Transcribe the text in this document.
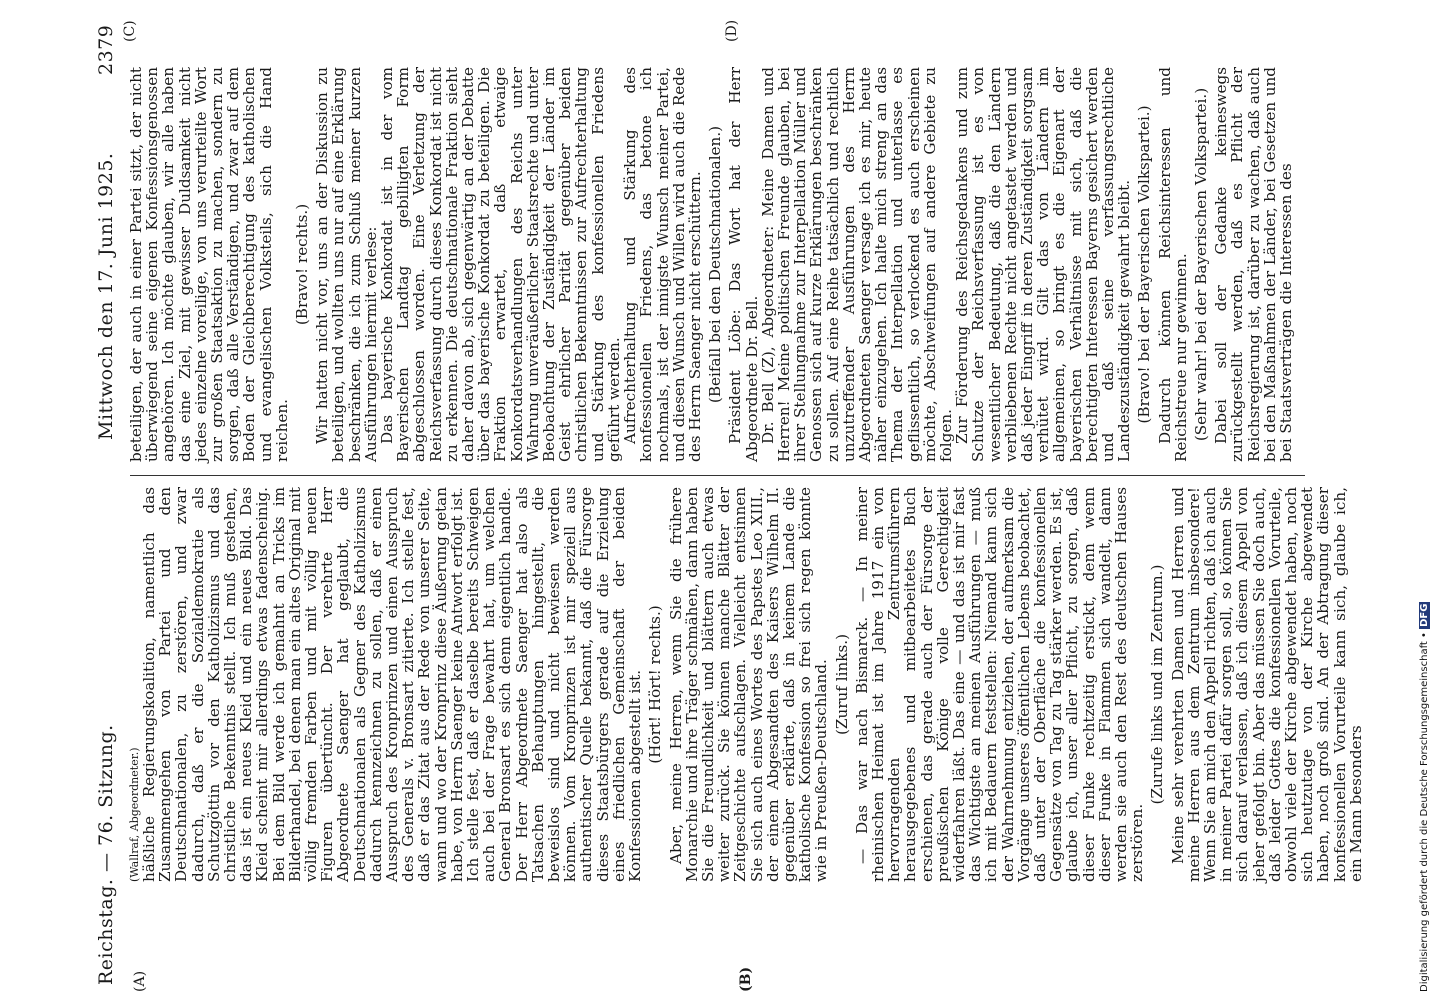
Reichstag. — 76. Sitzung.
Mittwoch den 17. Juni 1925.
2379
(A)	(B)
(C)	(D)

(Wallraf, Abgeordneter.) häßliche Regierungskoalition, namentlich das Zusammengehen von Partei und den Deutschnationalen, zu zerstören, und zwar dadurch, daß er die Sozialdemokratie als Schutzgöttin vor den Katholizismus und das christliche Bekenntnis stellt. Ich muß gestehen, das ist ein neues Kleid und ein neues Bild. Das Kleid scheint mir allerdings etwas fadenscheinig. Bei dem Bild werde ich gemahnt an Tricks im Bilderhandel, bei denen man ein altes Original mit völlig fremden Farben und mit völlig neuen Figuren übertüncht. Der verehrte Herr Abgeordnete Saenger hat geglaubt, die Deutschnationalen als Gegner des Katholizismus dadurch kennzeichnen zu sollen, daß er einen Ausspruch des Kronprinzen und einen Ausspruch des Generals v. Bronsart zitierte. Ich stelle fest, daß er das Zitat aus der Rede von unserer Seite, wann und wo der Kronprinz diese Äußerung getan habe, von Herrn Saenger keine Antwort erfolgt ist. Ich stelle fest, daß er daselbe bereits Schweigen auch bei der Frage bewahrt hat, um welchen General Bronsart es sich denn eigentlich handle. Der Herr Abgeordnete Saenger hat also als Tatsachen Behauptungen hingestellt, die beweislos sind und nicht bewiesen werden können. Vom Kronprinzen ist mir speziell aus authentischer Quelle bekannt, daß die Fürsorge dieses Staatsbürgers gerade auf die Erzielung eines friedlichen Gemeinschaft der beiden Konfessionen abgestellt ist. (Hört! Hört! rechts.) Aber, meine Herren, wenn Sie die frühere Monarchie und ihre Träger schmähen, dann haben Sie die Freundlichkeit und blättern auch etwas weiter zurück. Sie können manche Blätter der Zeitgeschichte aufschlagen. Vielleicht entsinnen Sie sich auch eines Wortes des Papstes Leo XIII., der einem Abgesandten des Kaisers Wilhelm II. gegenüber erklärte, daß in keinem Lande die katholische Konfession so frei sich regen könnte wie in Preußen-Deutschland. (Zuruf links.) — Das war nach Bismarck. — In meiner rheinischen Heimat ist im Jahre 1917 ein von hervorragenden Zentrumsführern herausgegebenes und mitbearbeitetes Buch erschienen, das gerade auch der Fürsorge der preußischen Könige volle Gerechtigkeit widerfahren läßt. Das eine — und das ist mir fast das Wichtigste an meinen Ausführungen — muß ich mit Bedauern feststellen: Niemand kann sich der Wahrnehmung entziehen, der aufmerksam die Vorgänge unseres öffentlichen Lebens beobachtet, daß unter der Oberfläche die konfessionellen Gegensätze von Tag zu Tag stärker werden. Es ist, glaube ich, unser aller Pflicht, zu sorgen, daß dieser Funke rechtzeitig erstickt, denn wenn dieser Funke in Flammen sich wandelt, dann werden sie auch den Rest des deutschen Hauses zerstören.

(Zurufe links und im Zentrum.) Meine sehr verehrten Damen und Herren und meine Herren aus dem Zentrum insbesondere! Wenn Sie an mich den Appell richten, daß ich auch in meiner Partei dafür sorgen soll, so können Sie sich darauf verlassen, daß ich diesem Appell von jeher gefolgt bin. Aber das müssen Sie doch auch, daß leider Gottes die konfessionellen Vorurteile, obwohl viele der Kirche abgewendet haben, noch sich heutzutage von der Kirche abgewendet haben, noch groß sind. An der Abtragung dieser konfessionellen Vorurteile kann sich, glaube ich, ein Mann besonders

beteiligen, der auch in einer Partei sitzt, der nicht überwiegend seine eigenen Konfessionsgenossen angehören. Ich möchte glauben, wir alle haben das eine Ziel, mit gewisser Duldsamkeit nicht jedes einzelne voreilige, von uns verurteilte Wort zur großen Staatsaktion zu machen, sondern zu sorgen, daß alle Verständigen, und zwar auf dem Boden der Gleichberechtigung des katholischen und evangelischen Volksteils, sich die Hand reichen.

(Bravo! rechts.) Wir hatten nicht vor, uns an der Diskussion zu beteiligen, und wollten uns nur auf eine Erklärung beschränken, die ich zum Schluß meiner kurzen Ausführungen hiermit verlese:

Das bayerische Konkordat ist in der vom Bayerischen Landtag gebilligten Form abgeschlossen worden. Eine Verletzung der Reichsverfassung durch dieses Konkordat ist nicht zu erkennen. Die deutschnationale Fraktion sieht daher davon ab, sich gegenwärtig an der Debatte über das bayerische Konkordat zu beteiligen. Die Fraktion erwartet, daß etwaige Konkordatsverhandlungen des Reichs unter Wahrung unveräußerlicher Staatsrechte und unter Beobachtung der Zuständigkeit der Länder im Geist ehrlicher Parität gegenüber beiden christlichen Bekenntnissen zur Aufrechterhaltung und Stärkung des konfessionellen Friedens geführt werden.

Aufrechterhaltung und Stärkung des konfessionellen Friedens, das betone ich nochmals, ist der innigste Wunsch meiner Partei, und diesen Wunsch und Willen wird auch die Rede des Herrn Saenger nicht erschüttern. (Beifall bei den Deutschnationalen.) Präsident Löbe: Das Wort hat der Herr Abgeordnete Dr. Bell.

Dr. Bell (Z), Abgeordneter: Meine Damen und Herren! Meine politischen Freunde glauben, bei ihrer Stellungnahme zur Interpellation Müller und Genossen sich auf kurze Erklärungen beschränken zu sollen. Auf eine Reihe tatsächlich und rechtlich unzutreffender Ausführungen des Herrn Abgeordneten Saenger versage ich es mir, heute näher einzugehen. Ich halte mich streng an das Thema der Interpellation und unterlasse es geflissentlich, so verlockend es auch erscheinen möchte, Abschweifungen auf andere Gebiete zu folgen.

Zur Förderung des Reichsgedankens und zum Schutze der Reichsverfassung ist es von wesentlicher Bedeutung, daß die den Ländern verbliebenen Rechte nicht angetastet werden und daß jeder Eingriff in deren Zuständigkeit sorgsam verhütet wird. Gilt das von Ländern im allgemeinen, so bringt es die Eigenart der bayerischen Verhältnisse mit sich, daß die berechtigten Interessen Bayerns gesichert werden und daß seine verfassungsrechtliche Landeszuständigkeit gewahrt bleibt. (Bravo! bei der Bayerischen Volkspartei.) Dadurch können Reichsinteressen und Reichstreue nur gewinnen. (Sehr wahr! bei der Bayerischen Volkspartei.) Dabei soll der Gedanke keineswegs zurückgestellt werden, daß es Pflicht der Reichsregierung ist, darüber zu wachen, daß auch bei den Maßnahmen der Länder, bei Gesetzen und bei Staatsverträgen die Interessen des

Digitalisierung gefördert durch die Deutsche Forschungsgemeinschaft • DFG
